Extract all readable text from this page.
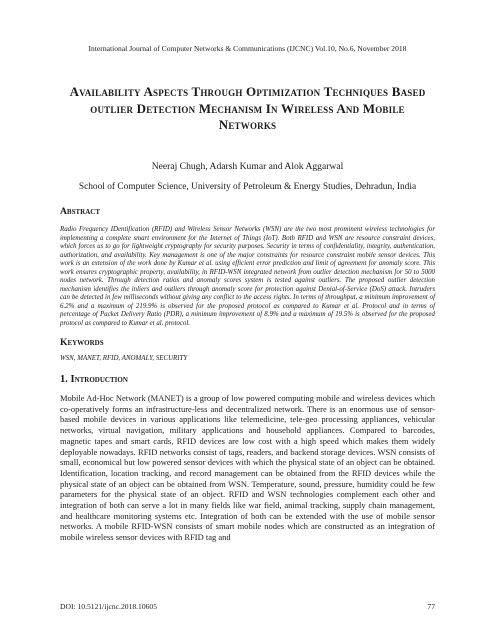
International Journal of Computer Networks & Communications (IJCNC) Vol.10, No.6, November 2018
Availability Aspects Through Optimization Techniques Based outlier Detection Mechanism In Wireless And Mobile Networks
Neeraj Chugh, Adarsh Kumar and Alok Aggarwal
School of Computer Science, University of Petroleum & Energy Studies, Dehradun, India
Abstract
Radio Frequency IDentification (RFID) and Wireless Sensor Networks (WSN) are the two most prominent wireless technologies for implementing a complete smart environment for the Internet of Things (IoT). Both RFID and WSN are resource constraint devices, which forces us to go for lightweight cryptography for security purposes. Security in terms of confidentiality, integrity, authentication, authorization, and availability. Key management is one of the major constraints for resource constraint mobile sensor devices. This work is an extension of the work done by Kumar et al. using efficient error prediction and limit of agreement for anomaly score. This work ensures cryptographic property, availability, in RFID-WSN integrated network from outlier detection mechanism for 50 to 5000 nodes network. Through detection ratios and anomaly scores system is tested against outliers. The proposed outlier detection mechanism identifies the inliers and outliers through anomaly score for protection against Denial-of-Service (DoS) attack. Intruders can be detected in few milliseconds without giving any conflict to the access rights. In terms of throughput, a minimum improvement of 6.2% and a maximum of 219.9% is observed for the proposed protocol as compared to Kumar et al. Protocol and in terms of percentage of Packet Delivery Ratio (PDR), a minimum improvement of 8.9% and a maximum of 19.5% is observed for the proposed protocol as compared to Kumar et al. protocol.
Keywords
WSN, MANET, RFID, ANOMALY, SECURITY
1. Introduction
Mobile Ad-Hoc Network (MANET) is a group of low powered computing mobile and wireless devices which co-operatively forms an infrastructure-less and decentralized network. There is an enormous use of sensor-based mobile devices in various applications like telemedicine, tele-geo processing appliances, vehicular networks, virtual navigation, military applications and household appliances. Compared to barcodes, magnetic tapes and smart cards, RFID devices are low cost with a high speed which makes them widely deployable nowadays. RFID networks consist of tags, readers, and backend storage devices. WSN consists of small, economical but low powered sensor devices with which the physical state of an object can be obtained. Identification, location tracking, and record management can be obtained from the RFID devices while the physical state of an object can be obtained from WSN. Temperature, sound, pressure, humidity could be few parameters for the physical state of an object. RFID and WSN technologies complement each other and integration of both can serve a lot in many fields like war field, animal tracking, supply chain management, and healthcare monitoring systems etc. Integration of both can be extended with the use of mobile sensor networks. A mobile RFID-WSN consists of smart mobile nodes which are constructed as an integration of mobile wireless sensor devices with RFID tag and
DOI: 10.5121/ijcnc.2018.10605	77
